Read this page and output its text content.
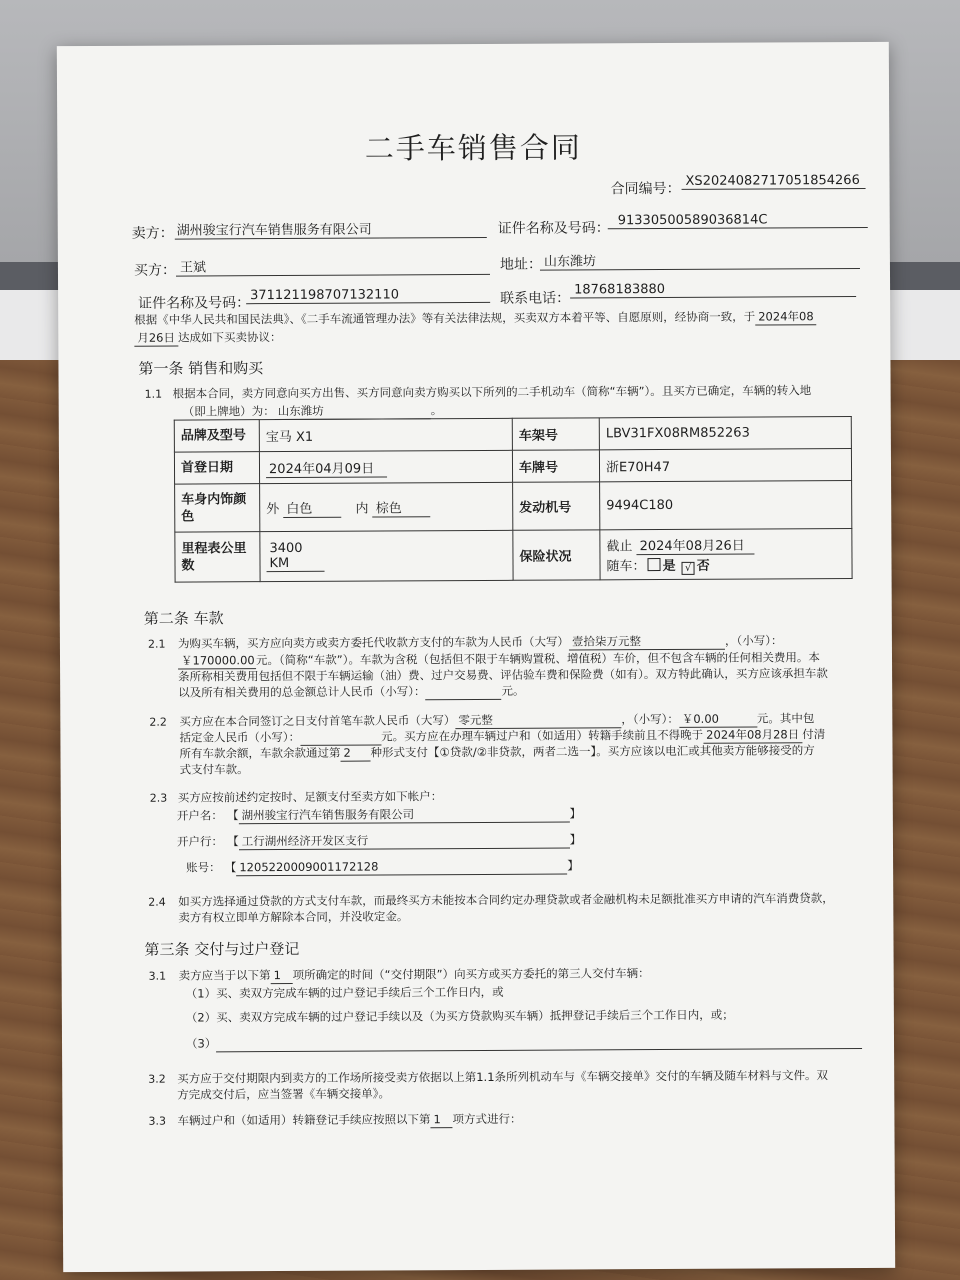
二手车销售合同
合同编号： XS20240827170518542​66
卖方： 湖州骏宝行汽车销售服务有限公司	证件名称及号码： 91330500589036814C
买方： 王斌	地址： 山东潍坊
证件名称及号码： 371121198707132110	联系电话：
18768183880
根据《中华人民共和国民法典》、《二手车流通管理办法》等有关法律法规，买卖双方本着平等、自愿原则，经协商一致，于 2024年08
月26日 达成如下买卖协议：
第一条 销售和购买
1.1 根据本合同，卖方同意向买方出售、买方同意向卖方购买以下所列的二手机动车（简称“车辆”）。且买方已确定，车辆的转入地
（即上牌地）为： 山东潍坊	。
品牌及型号	宝马 X1	车架号	LBV31FX08RM852263
首登日期	2024年04月09日	车牌号	浙E70H47
车身内饰颜色	外 白色 内 棕色	发动机号	9494C180
里程表公里数	3400 KM	保险状况	截止 2024年08月26日
随车： 是 √ 否
第二条 车款
2.1 为购买车辆，买方应向卖方或卖方委托代收款方支付的车款为人民币（大写） 壹拾柒万元整	，（小写）：
￥170000.00元。（简称“车款”）。车款为含税（包括但不限于车辆购置税、增值税）车价，但不包含车辆的任何相关费用。本
条所称相关费用包括但不限于车辆运输（油）费、过户交易费、评估验车费和保险费（如有）。双方特此确认，买方应该承担车款
以及所有相关费用的总金额总计人民币（小写）：	元。
2.2 买方应在本合同签订之日支付首笔车款人民币（大写） 零元整	，（小写）： ￥0.00	元。其中包
括定金人民币（小写）：	元。买方应在办理车辆过户和（如适用）转籍手续前且不得晚于 2024年08月28日 付清
所有车款余额，车款余款通过第 2 种形式支付【①贷款/②非贷款，两者二选一】。买方应该以电汇或其他卖方能够接受的方
式支付车款。
2.3 买方应按前述约定按时、足额支付至卖方如下帐户：
开户名： 【 湖州骏宝行汽车销售服务有限公司	】
开户行： 【 工行湖州经济开发区支行	】
账号： 【 1205220009001172128	】
2.4 如买方选择通过贷款的方式支付车款，而最终买方未能按本合同约定办理贷款或者金融机构未足额批准买方申请的汽车消费贷款，
卖方有权立即单方解除本合同，并没收定金。
第三条 交付与过户登记
3.1 卖方应当于以下第 1 项所确定的时间（“交付期限”）向买方或买方委托的第三人交付车辆：
（1）买、卖双方完成车辆的过户登记手续后三个工作日内，或
（2）买、卖双方完成车辆的过户登记手续以及（为买方贷款购买车辆）抵押登记手续后三个工作日内，或；
（3）
3.2 买方应于交付期限内到卖方的工作场所接受卖方依据以上第1.1条所列机动车与《车辆交接单》交付的车辆及随车材料与文件。双
方完成交付后，应当签署《车辆交接单》。
3.3 车辆过户和（如适用）转籍登记手续应按照以下第 1 项方式进行：
